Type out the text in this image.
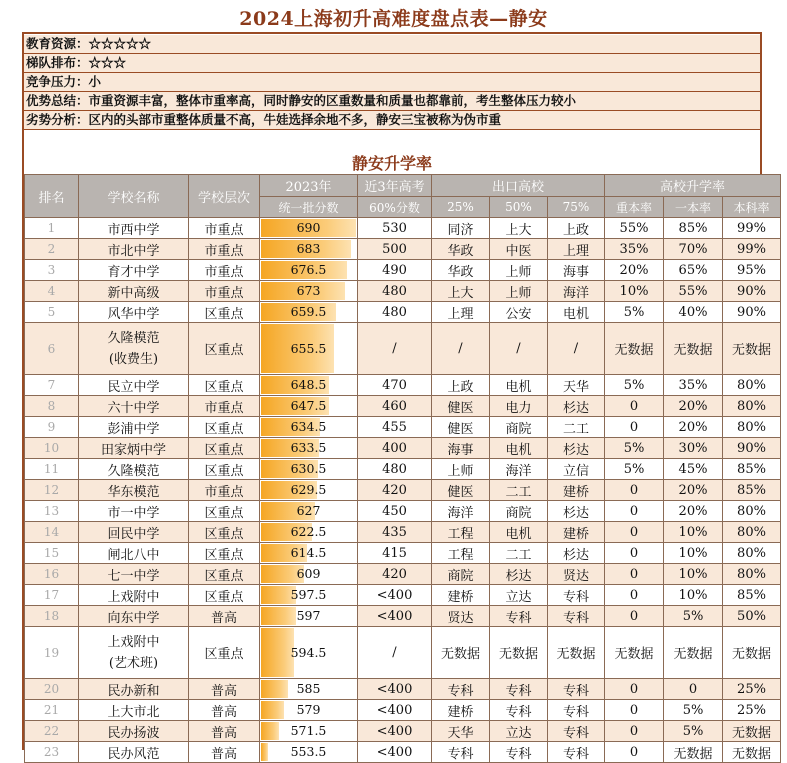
2024上海初升高难度盘点表—静安
教育资源：☆☆☆☆☆
梯队排布：☆☆☆
竞争压力：小
优势总结：市重资源丰富，整体市重率高，同时静安的区重数量和质量也都靠前，考生整体压力较小
劣势分析：区内的头部市重整体质量不高，牛娃选择余地不多，静安三宝被称为伪市重
静安升学率
排名	学校名称	学校层次	2023年	近3年高考	出口高校			高校升学率		
			统一批分数	60%分数	25%	50%	75%	重本率	一本率	本科率
1	市西中学	市重点	690	530	同济	上大	上政	55%	85%	99%
2	市北中学	市重点	683	500	华政	中医	上理	35%	70%	99%
3	育才中学	市重点	676.5	490	华政	上师	海事	20%	65%	95%
4	新中高级	市重点	673	480	上大	上师	海洋	10%	55%	90%
5	风华中学	区重点	659.5	480	上理	公安	电机	5%	40%	90%
6	久隆模范
(收费生)	区重点	655.5	/	/	/	/	无数据	无数据	无数据
7	民立中学	区重点	648.5	470	上政	电机	天华	5%	35%	80%
8	六十中学	市重点	647.5	460	健医	电力	杉达	0	20%	80%
9	彭浦中学	区重点	634.5	455	健医	商院	二工	0	20%	80%
10	田家炳中学	区重点	633.5	400	海事	电机	杉达	5%	30%	90%
11	久隆模范	区重点	630.5	480	上师	海洋	立信	5%	45%	85%
12	华东模范	市重点	629.5	420	健医	二工	建桥	0	20%	85%
13	市一中学	区重点	627	450	海洋	商院	杉达	0	20%	80%
14	回民中学	区重点	622.5	435	工程	电机	建桥	0	10%	80%
15	闸北八中	区重点	614.5	415	工程	二工	杉达	0	10%	80%
16	七一中学	区重点	609	420	商院	杉达	贤达	0	10%	80%
17	上戏附中	区重点	597.5	<400	建桥	立达	专科	0	10%	85%
18	向东中学	普高	597	<400	贤达	专科	专科	0	5%	50%
19	上戏附中
(艺术班)	区重点	594.5	/	无数据	无数据	无数据	无数据	无数据	无数据
20	民办新和	普高	585	<400	专科	专科	专科	0	0	25%
21	上大市北	普高	579	<400	建桥	专科	专科	0	5%	25%
22	民办扬波	普高	571.5	<400	天华	立达	专科	0	5%	无数据
23	民办风范	普高	553.5	<400	专科	专科	专科	0	无数据	无数据
